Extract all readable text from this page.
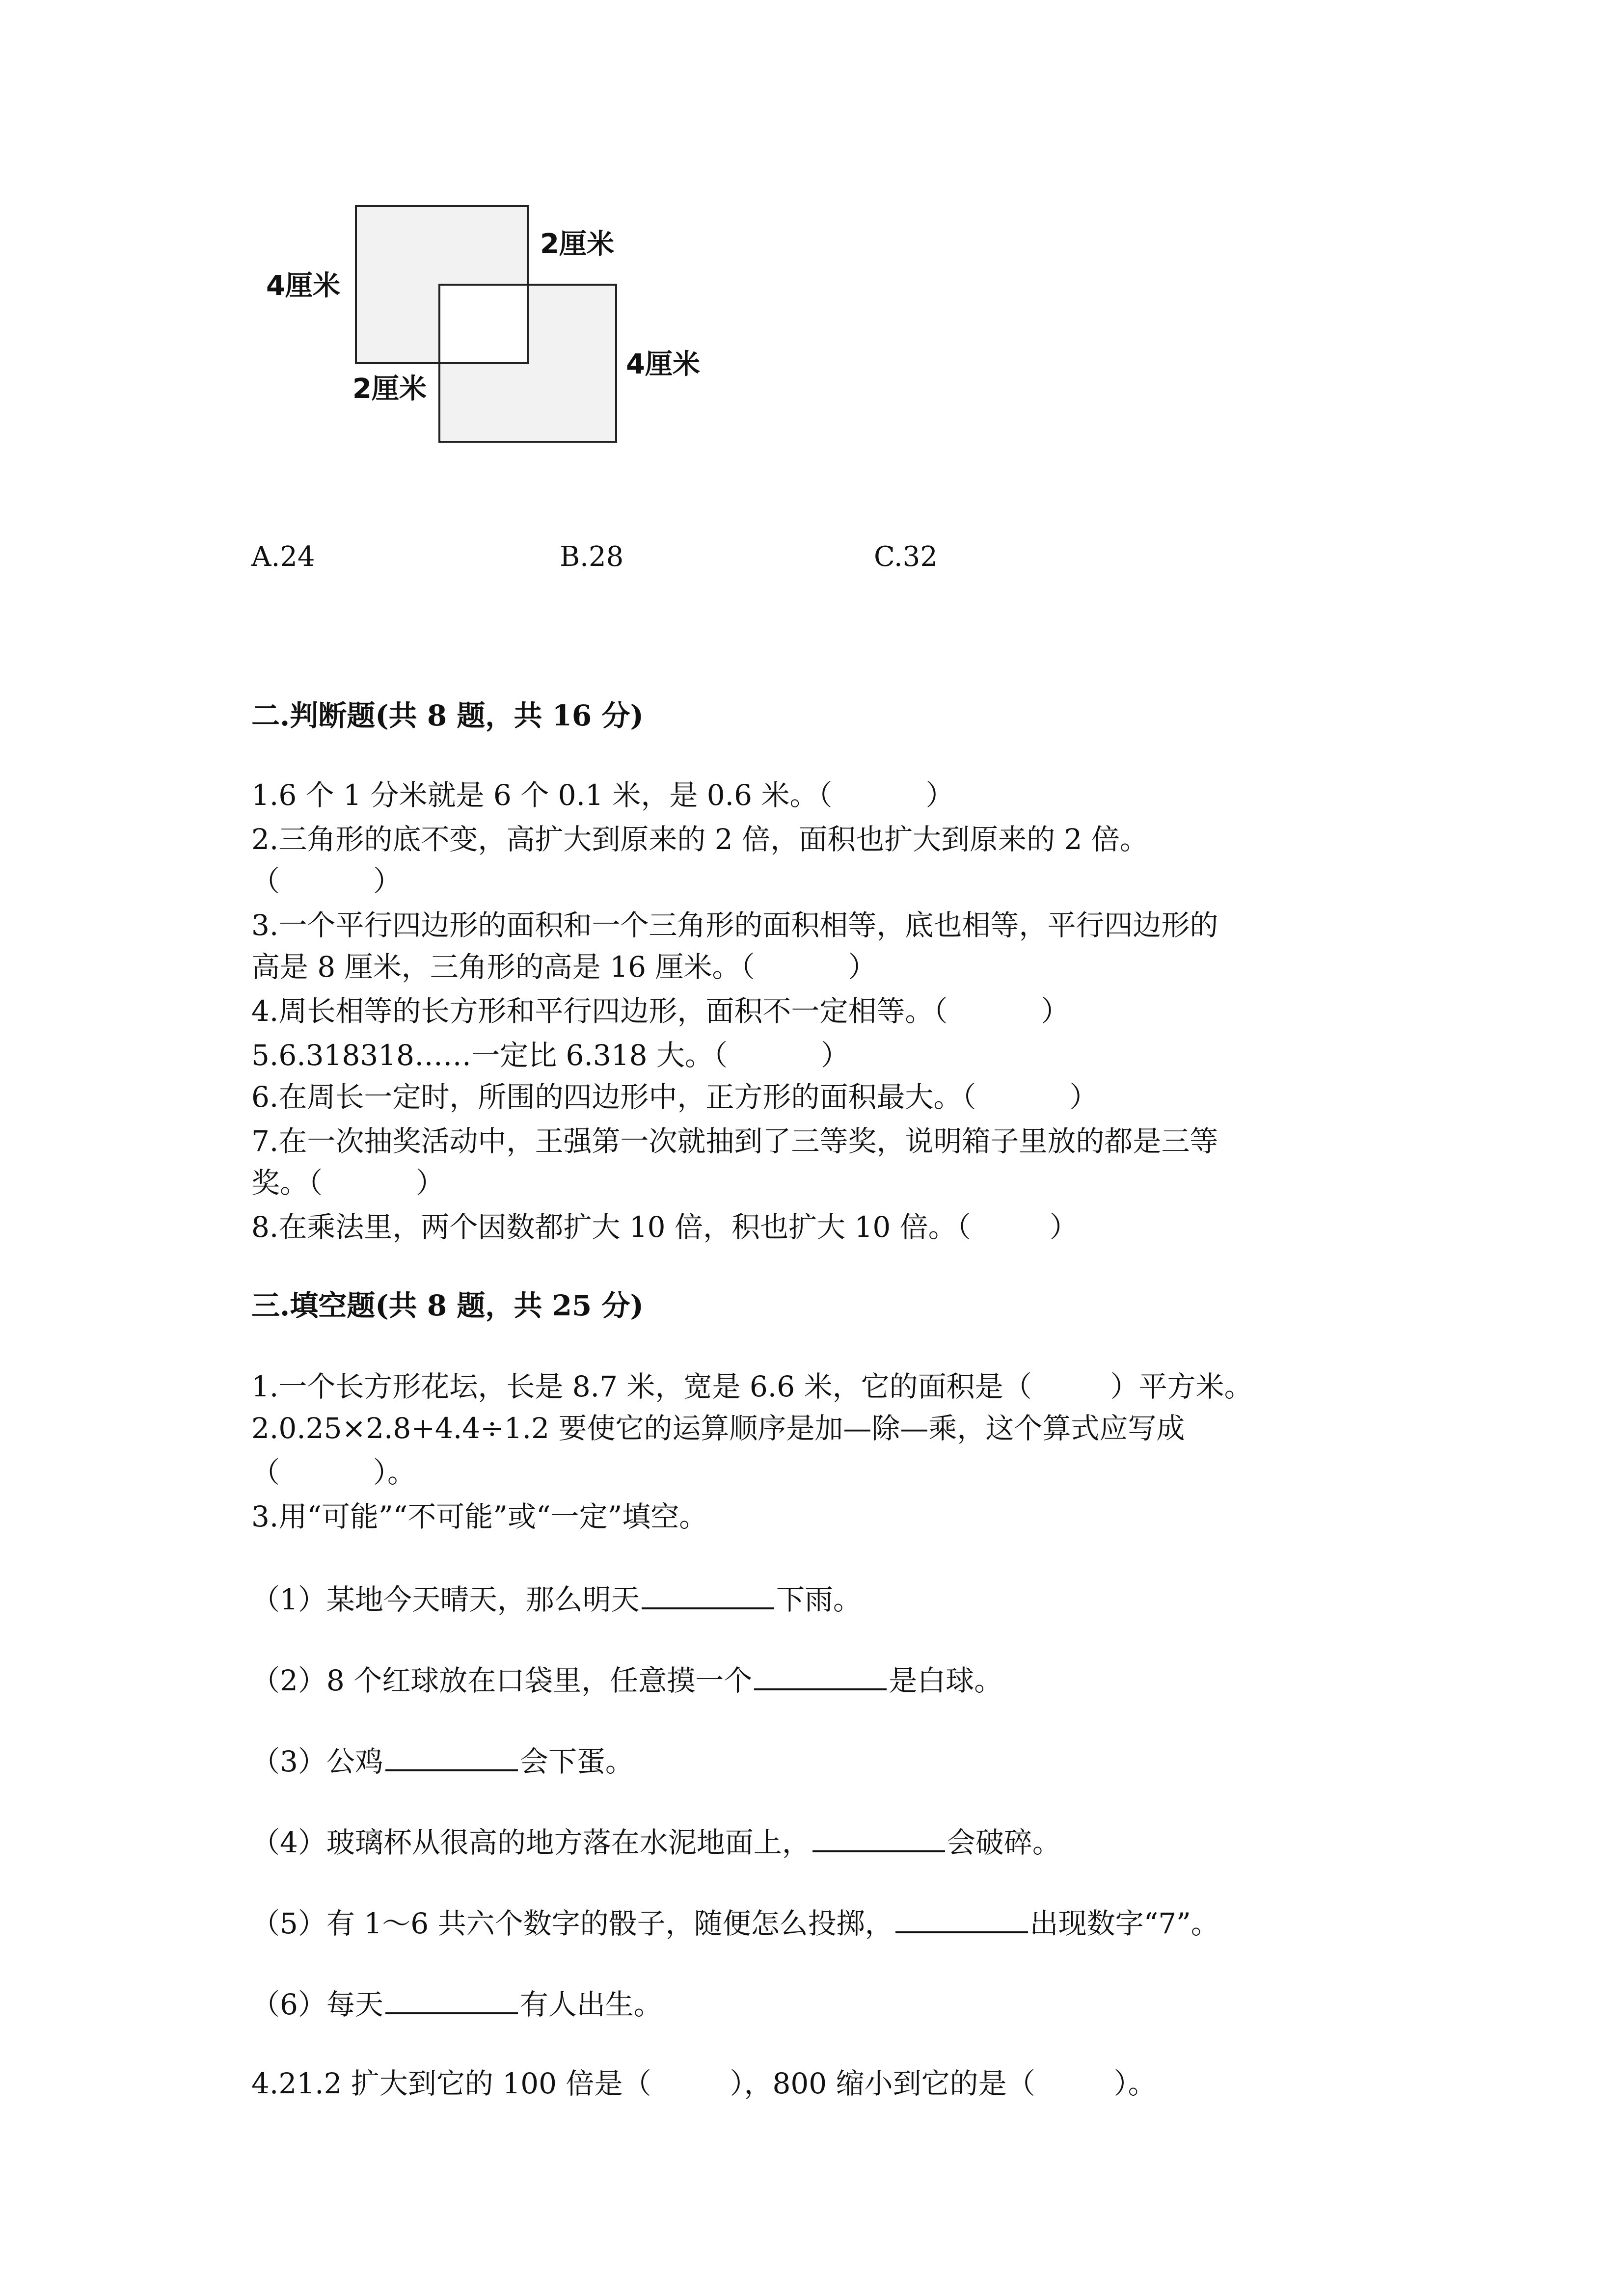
2厘米
4厘米
2厘米
4厘米
A.24	B.28	C.32
二.判断题(共 8 题，共 16 分)
1.6 个 1 分米就是 6 个 0.1 米，是 0.6 米。（	）
2.三角形的底不变，高扩大到原来的 2 倍，面积也扩大到原来的 2 倍。
（	）
3.一个平行四边形的面积和一个三角形的面积相等，底也相等，平行四边形的
高是 8 厘米，三角形的高是 16 厘米。（	）
4.周长相等的长方形和平行四边形，面积不一定相等。（	）
5.6.318318……一定比 6.318 大。（	）
6.在周长一定时，所围的四边形中，正方形的面积最大。（	）
7.在一次抽奖活动中，王强第一次就抽到了三等奖，说明箱子里放的都是三等
奖。（	）
8.在乘法里，两个因数都扩大 10 倍，积也扩大 10 倍。（	）
三.填空题(共 8 题，共 25 分)
1.一个长方形花坛，长是 8.7 米，宽是 6.6 米，它的面积是（	）平方米。
2.0.25×2.8+4.4÷1.2 要使它的运算顺序是加—除—乘，这个算式应写成
（	）。
3.用“可能”“不可能”或“一定”填空。
（1）某地今天晴天，那么明天	下雨。
（2）8 个红球放在口袋里，任意摸一个	是白球。
（3）公鸡	会下蛋。
（4）玻璃杯从很高的地方落在水泥地面上，	会破碎。
（5）有 1～6 共六个数字的骰子，随便怎么投掷，	出现数字“7”。
（6）每天	有人出生。
4.21.2 扩大到它的 100 倍是（	），800 缩小到它的是（	）。
